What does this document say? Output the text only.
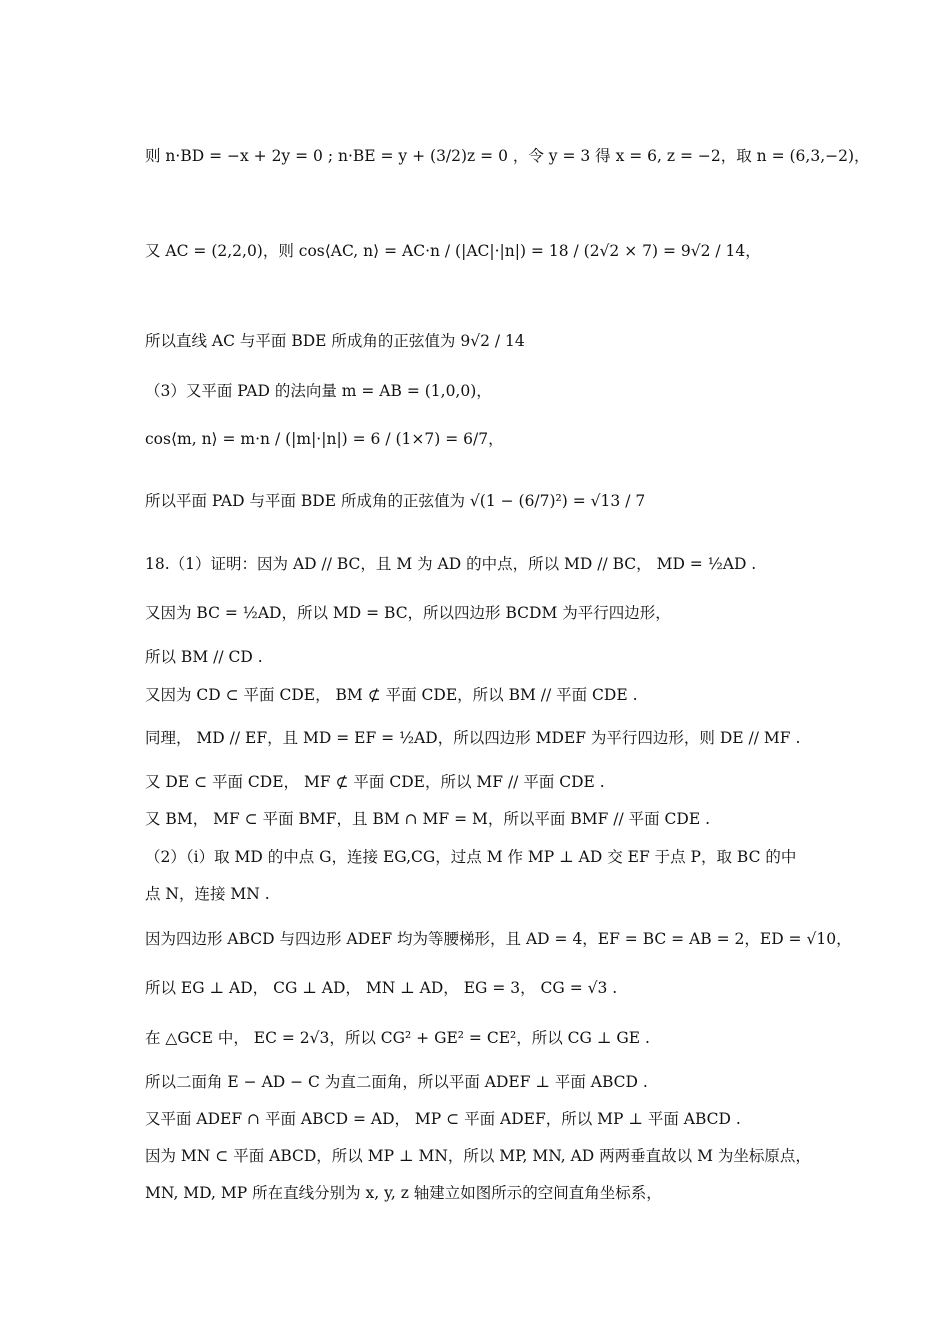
则 n·BD = −x + 2y = 0 ; n·BE = y + (3/2)z = 0 ，令 y = 3 得 x = 6, z = −2，取 n = (6,3,−2)，
又 AC = (2,2,0)，则 cos⟨AC, n⟩ = AC·n / (|AC|·|n|) = 18 / (2√2 × 7) = 9√2 / 14，
所以直线 AC 与平面 BDE 所成角的正弦值为 9√2 / 14
（3）又平面 PAD 的法向量 m = AB = (1,0,0)，
cos⟨m, n⟩ = m·n / (|m|·|n|) = 6 / (1×7) = 6/7，
所以平面 PAD 与平面 BDE 所成角的正弦值为 √(1 − (6/7)²) = √13 / 7
18.（1）证明：因为 AD // BC，且 M 为 AD 的中点，所以 MD // BC， MD = ½AD .
又因为 BC = ½AD，所以 MD = BC，所以四边形 BCDM 为平行四边形，
所以 BM // CD .
又因为 CD ⊂ 平面 CDE， BM ⊄ 平面 CDE，所以 BM // 平面 CDE .
同理， MD // EF，且 MD = EF = ½AD，所以四边形 MDEF 为平行四边形，则 DE // MF .
又 DE ⊂ 平面 CDE， MF ⊄ 平面 CDE，所以 MF // 平面 CDE .
又 BM， MF ⊂ 平面 BMF，且 BM ∩ MF = M，所以平面 BMF // 平面 CDE .
（2）（ⅰ）取 MD 的中点 G，连接 EG,CG，过点 M 作 MP ⊥ AD 交 EF 于点 P，取 BC 的中
点 N，连接 MN .
因为四边形 ABCD 与四边形 ADEF 均为等腰梯形，且 AD = 4，EF = BC = AB = 2，ED = √10，
所以 EG ⊥ AD， CG ⊥ AD， MN ⊥ AD， EG = 3， CG = √3 .
在 △GCE 中， EC = 2√3，所以 CG² + GE² = CE²，所以 CG ⊥ GE .
所以二面角 E − AD − C 为直二面角，所以平面 ADEF ⊥ 平面 ABCD .
又平面 ADEF ∩ 平面 ABCD = AD， MP ⊂ 平面 ADEF，所以 MP ⊥ 平面 ABCD .
因为 MN ⊂ 平面 ABCD，所以 MP ⊥ MN，所以 MP, MN, AD 两两垂直故以 M 为坐标原点，
MN, MD, MP 所在直线分别为 x, y, z 轴建立如图所示的空间直角坐标系，
